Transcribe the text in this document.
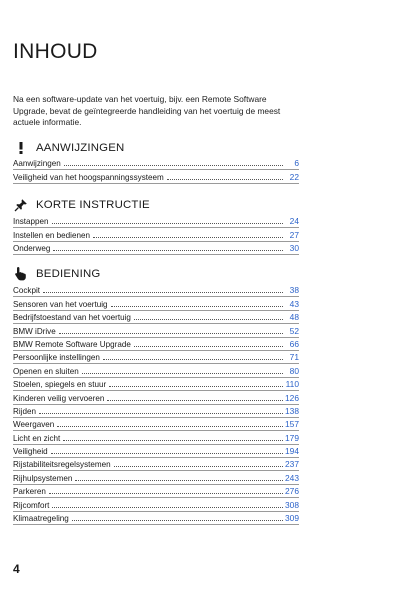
INHOUD
Na een software-update van het voertuig, bijv. een Remote Software Upgrade, bevat de geïntegreerde handleiding van het voertuig de meest actuele informatie.
AANWIJZINGEN
Aanwijzingen	6
Veiligheid van het hoogspanningssysteem	22
KORTE INSTRUCTIE
Instappen	24
Instellen en bedienen	27
Onderweg	30
BEDIENING
Cockpit	38
Sensoren van het voertuig	43
Bedrijfstoestand van het voertuig	48
BMW iDrive	52
BMW Remote Software Upgrade	66
Persoonlijke instellingen	71
Openen en sluiten	80
Stoelen, spiegels en stuur	110
Kinderen veilig vervoeren	126
Rijden	138
Weergaven	157
Licht en zicht	179
Veiligheid	194
Rijstabiliteitsregelsystemen	237
Rijhulpsystemen	243
Parkeren	276
Rijcomfort	308
Klimaatregeling	309
4
